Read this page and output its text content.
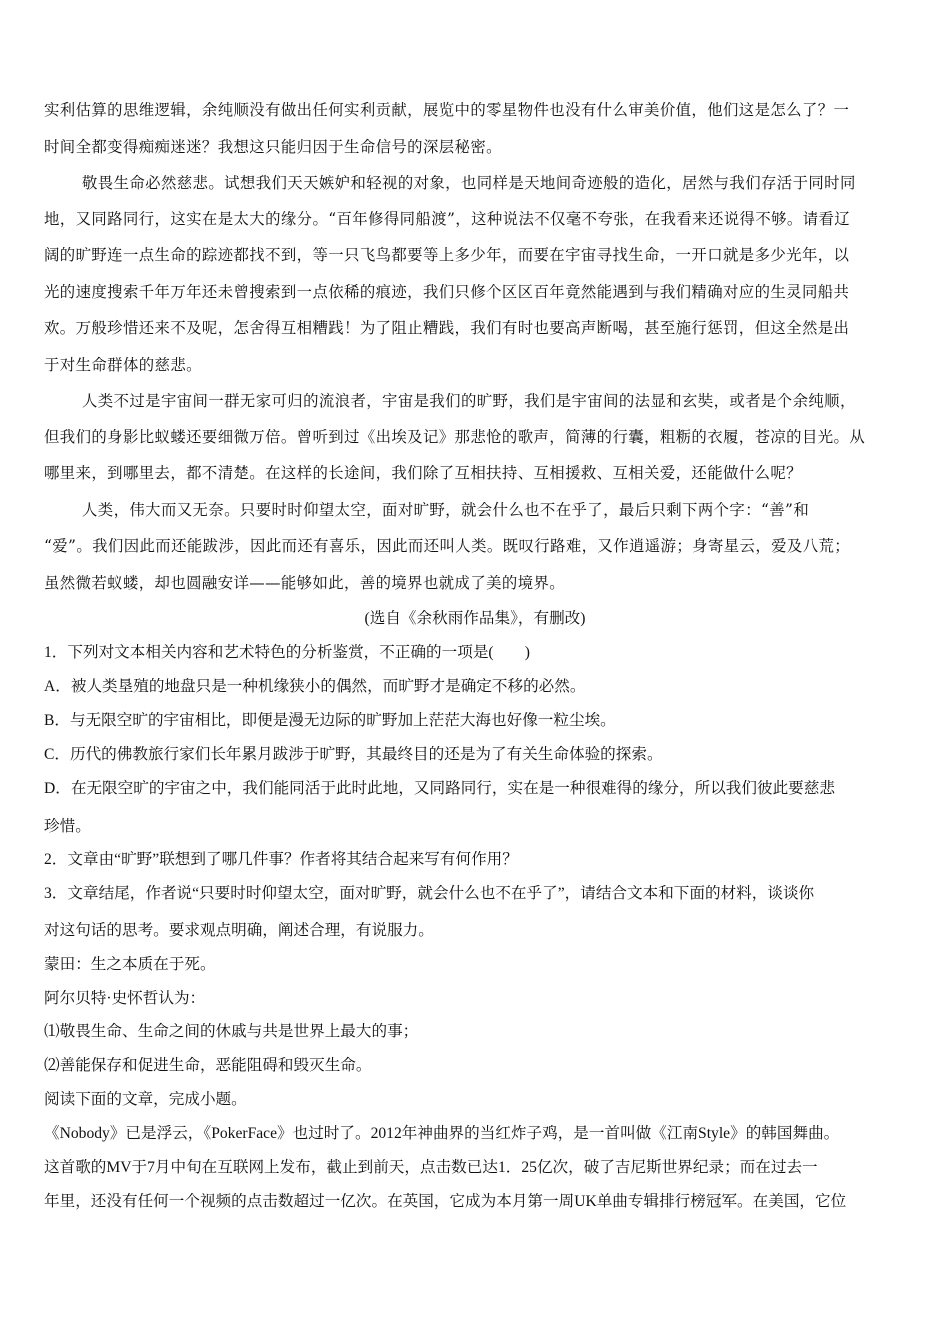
实利估算的思维逻辑，余纯顺没有做出任何实利贡献，展览中的零星物件也没有什么审美价值，他们这是怎么了？一
时间全都变得痴痴迷迷？我想这只能归因于生命信号的深层秘密。
敬畏生命必然慈悲。试想我们天天嫉妒和轻视的对象，也同样是天地间奇迹般的造化，居然与我们存活于同时同
地，又同路同行，这实在是太大的缘分。“百年修得同船渡”，这种说法不仅毫不夸张，在我看来还说得不够。请看辽
阔的旷野连一点生命的踪迹都找不到，等一只飞鸟都要等上多少年，而要在宇宙寻找生命，一开口就是多少光年，以
光的速度搜索千年万年还未曾搜索到一点依稀的痕迹，我们只修个区区百年竟然能遇到与我们精确对应的生灵同船共
欢。万般珍惜还来不及呢，怎舍得互相糟践！为了阻止糟践，我们有时也要高声断喝，甚至施行惩罚，但这全然是出
于对生命群体的慈悲。
人类不过是宇宙间一群无家可归的流浪者，宇宙是我们的旷野，我们是宇宙间的法显和玄奘，或者是个余纯顺，
但我们的身影比蚁蝼还要细微万倍。曾听到过《出埃及记》那悲怆的歌声，简薄的行囊，粗粝的衣履，苍凉的目光。从
哪里来，到哪里去，都不清楚。在这样的长途间，我们除了互相扶持、互相援救、互相关爱，还能做什么呢？
人类，伟大而又无奈。只要时时仰望太空，面对旷野，就会什么也不在乎了，最后只剩下两个字：“善”和
“爱”。我们因此而还能跋涉，因此而还有喜乐，因此而还叫人类。既叹行路难，又作逍遥游；身寄星云，爱及八荒；
虽然微若蚁蝼，却也圆融安详——能够如此，善的境界也就成了美的境界。
(选自《余秋雨作品集》，有删改)
1．下列对文本相关内容和艺术特色的分析鉴赏，不正确的一项是(　　)
A．被人类垦殖的地盘只是一种机缘狭小的偶然，而旷野才是确定不移的必然。
B．与无限空旷的宇宙相比，即便是漫无边际的旷野加上茫茫大海也好像一粒尘埃。
C．历代的佛教旅行家们长年累月跋涉于旷野，其最终目的还是为了有关生命体验的探索。
D．在无限空旷的宇宙之中，我们能同活于此时此地，又同路同行，实在是一种很难得的缘分，所以我们彼此要慈悲
珍惜。
2．文章由“旷野”联想到了哪几件事？作者将其结合起来写有何作用？
3．文章结尾，作者说“只要时时仰望太空，面对旷野，就会什么也不在乎了”，请结合文本和下面的材料，谈谈你
对这句话的思考。要求观点明确，阐述合理，有说服力。
蒙田：生之本质在于死。
阿尔贝特·史怀哲认为：
⑴敬畏生命、生命之间的休戚与共是世界上最大的事；
⑵善能保存和促进生命，恶能阻碍和毁灭生命。
阅读下面的文章，完成小题。
《Nobody》已是浮云，《PokerFace》也过时了。2012年神曲界的当红炸子鸡，是一首叫做《江南Style》的韩国舞曲。
这首歌的MV于7月中旬在互联网上发布，截止到前天，点击数已达1．25亿次，破了吉尼斯世界纪录；而在过去一
年里，还没有任何一个视频的点击数超过一亿次。在英国，它成为本月第一周UK单曲专辑排行榜冠军。在美国，它位
